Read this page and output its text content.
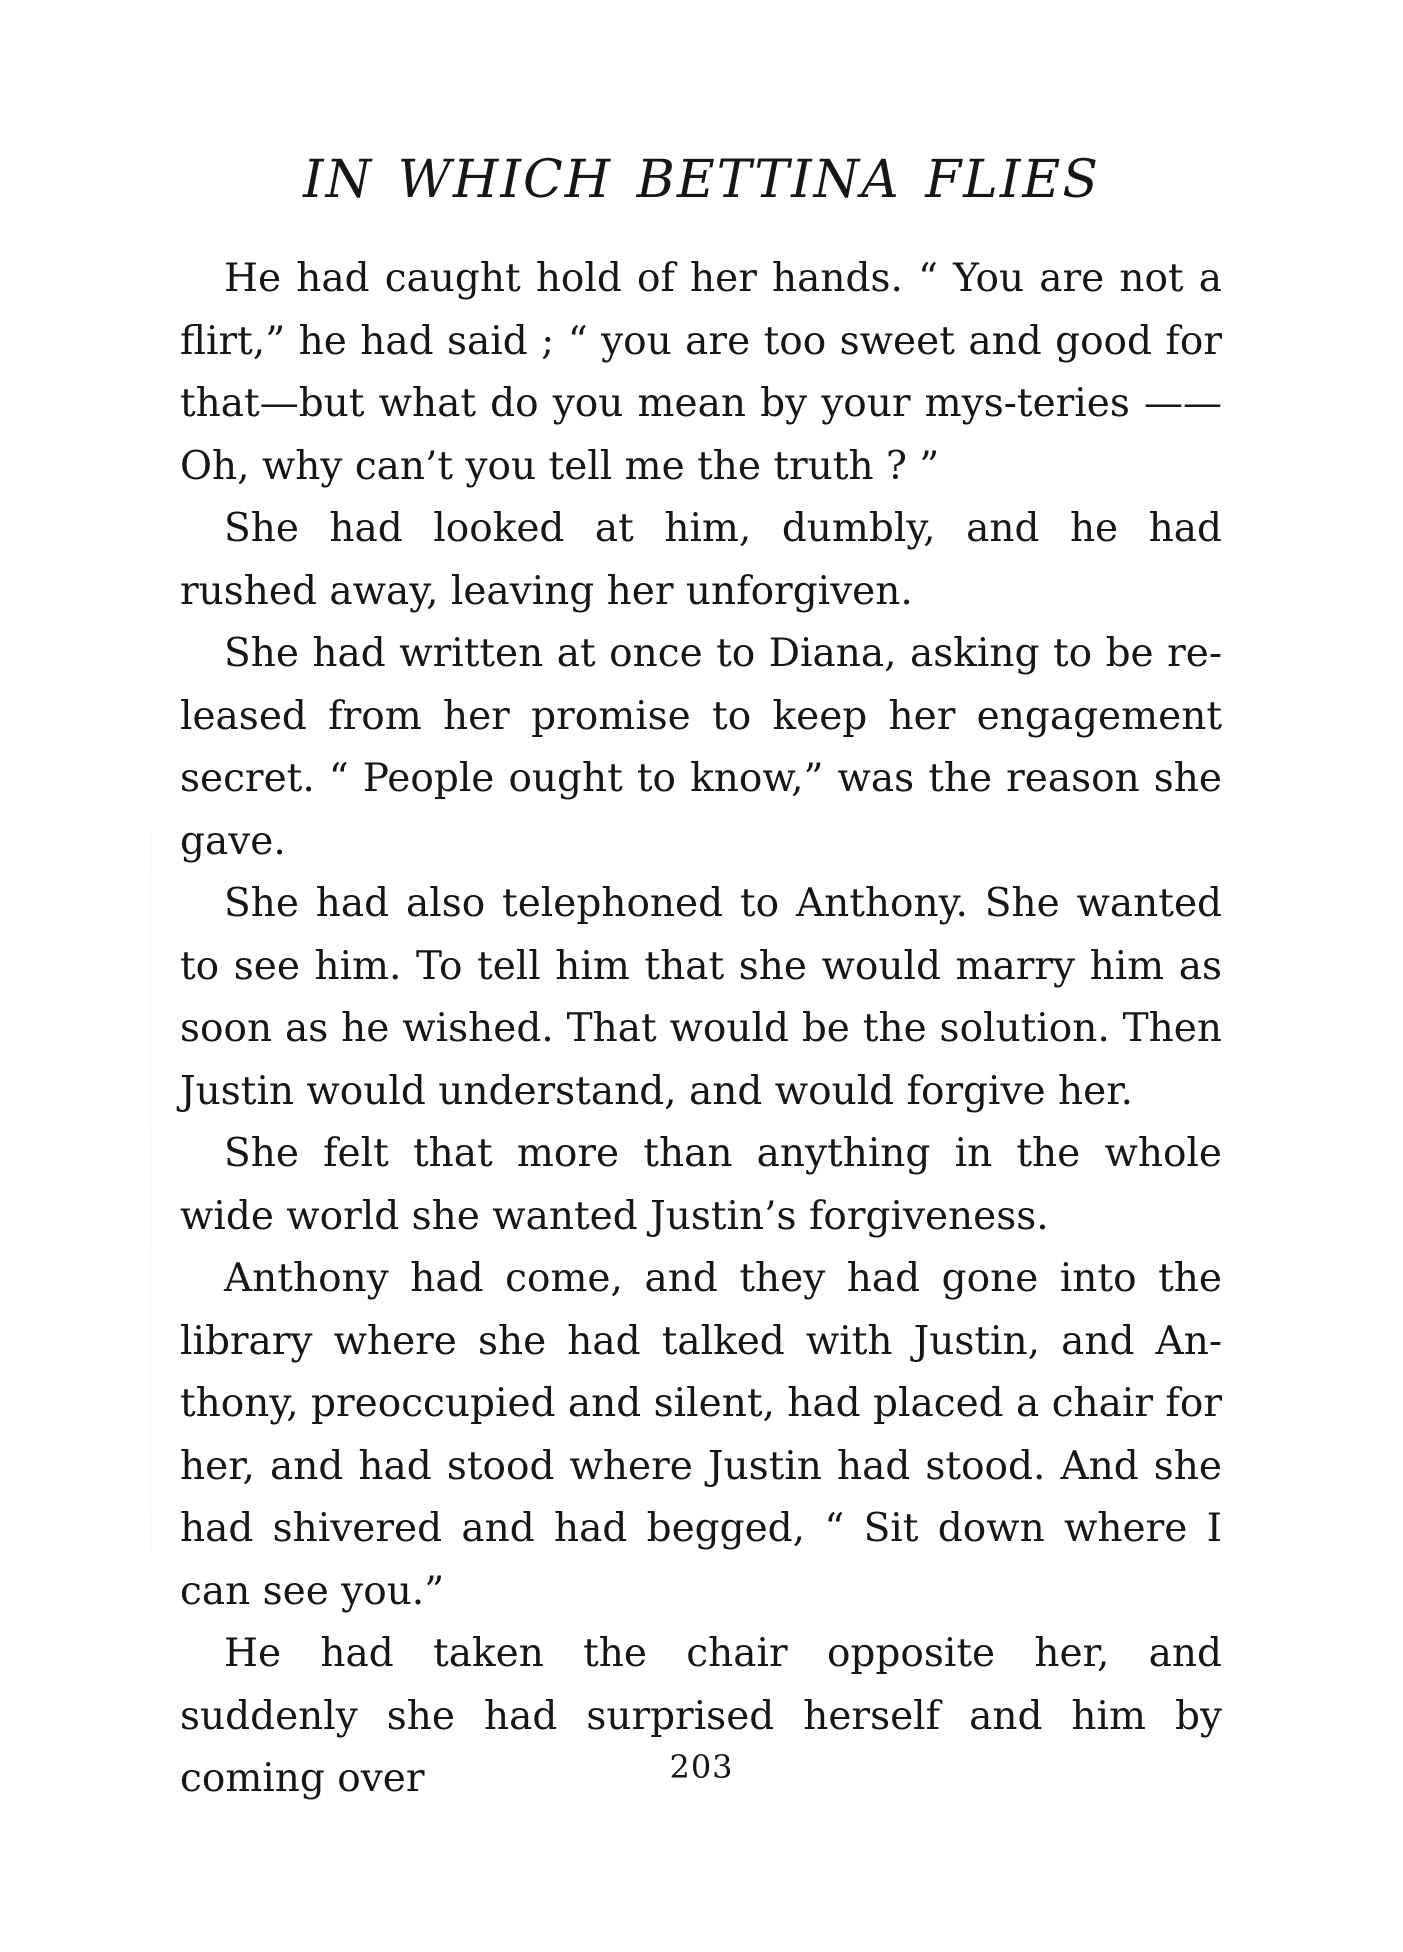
IN WHICH BETTINA FLIES

He had caught hold of her hands. “ You are not a flirt,” he had said ; “ you are too sweet and good for that—but what do you mean by your mys-teries —— Oh, why can’t you tell me the truth ? ”

She had looked at him, dumbly, and he had rushed away, leaving her unforgiven.

She had written at once to Diana, asking to be re-leased from her promise to keep her engagement secret. “ People ought to know,” was the reason she gave.

She had also telephoned to Anthony. She wanted to see him. To tell him that she would marry him as soon as he wished. That would be the solution. Then Justin would understand, and would forgive her.

She felt that more than anything in the whole wide world she wanted Justin’s forgiveness.

Anthony had come, and they had gone into the library where she had talked with Justin, and An-thony, preoccupied and silent, had placed a chair for her, and had stood where Justin had stood. And she had shivered and had begged, “ Sit down where I can see you.”

He had taken the chair opposite her, and suddenly she had surprised herself and him by coming over	203
